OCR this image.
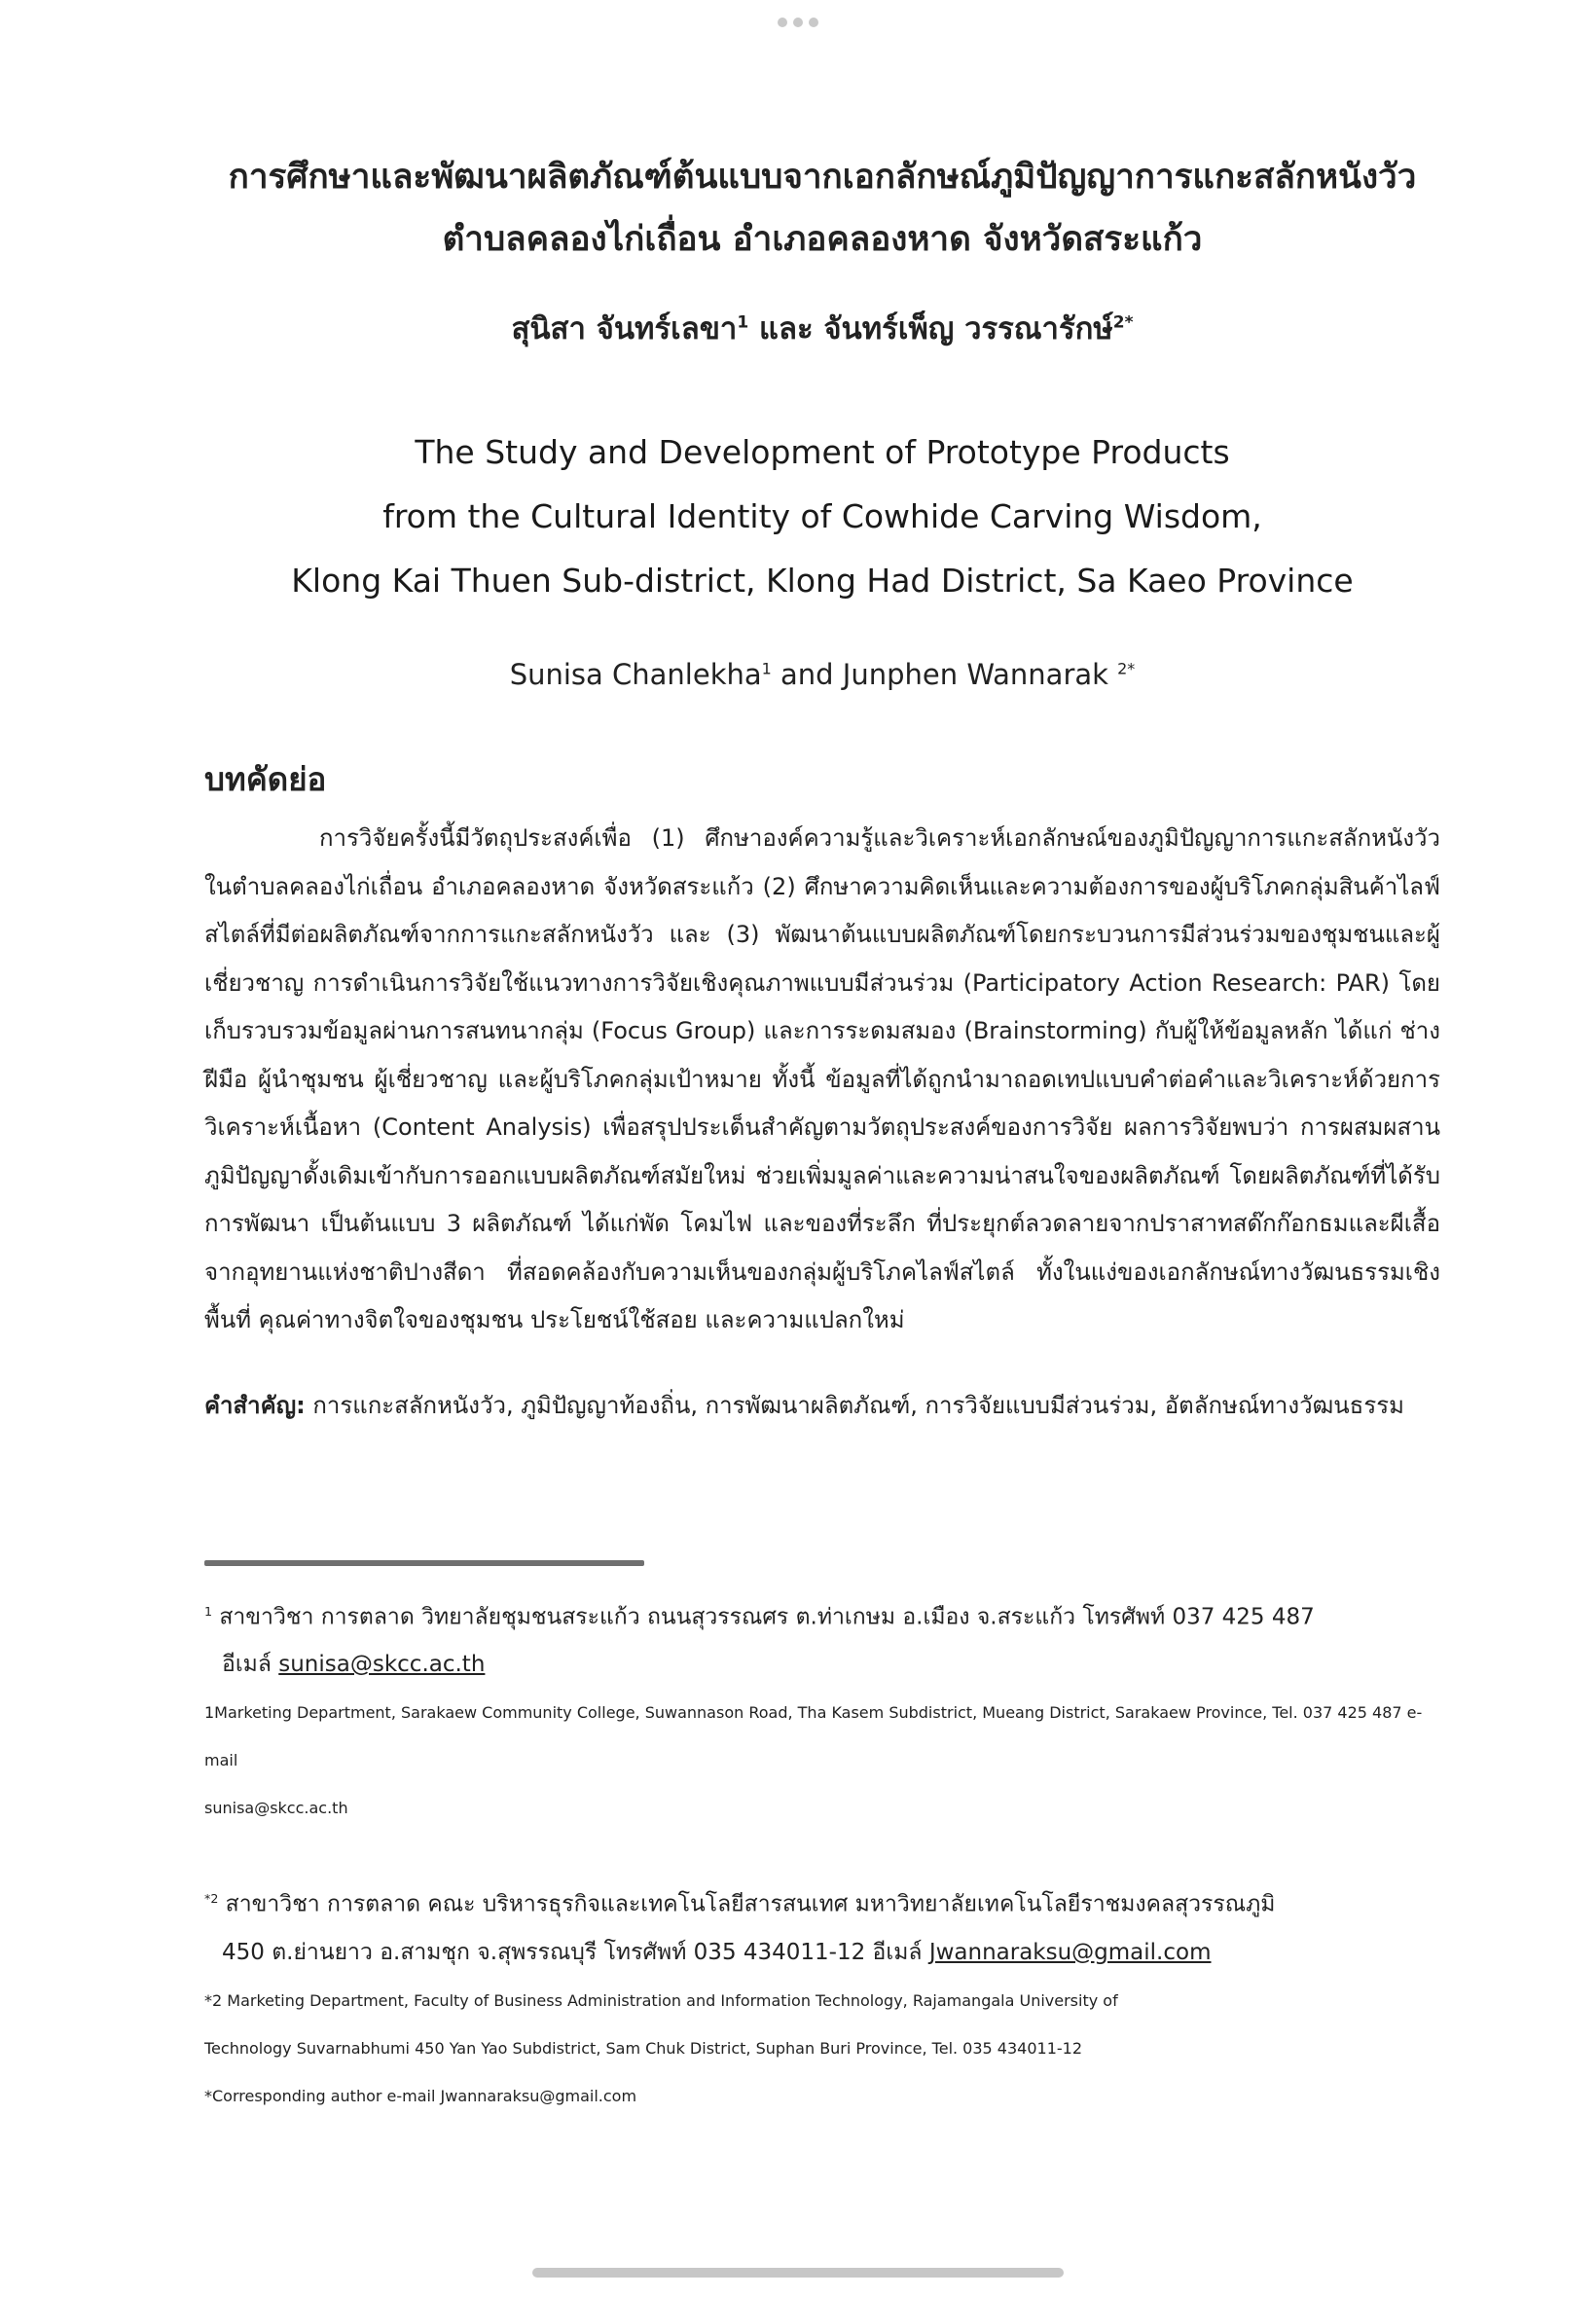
การศึกษาและพัฒนาผลิตภัณฑ์ต้นแบบจากเอกลักษณ์ภูมิปัญญาการแกะสลักหนังวัว

ตำบลคลองไก่เถื่อน อำเภอคลองหาด จังหวัดสระแก้ว

สุนิสา จันทร์เลขา$^1$ และ จันทร์เพ็ญ วรรณารักษ์$^{2*}$
The Study and Development of Prototype Products
from the Cultural Identity of Cowhide Carving Wisdom,
Klong Kai Thuen Sub-district, Klong Had District, Sa Kaeo Province
Sunisa Chanlekha$^1$ and Junphen Wannarak $^{2*}$
บทคัดย่อ
การวิจัยครั้งนี้มีวัตถุประสงค์เพื่อ (1) ศึกษาองค์ความรู้และวิเคราะห์เอกลักษณ์ของภูมิปัญญาการแกะสลักหนังวัวในตำบลคลองไก่เถื่อน อำเภอคลองหาด จังหวัดสระแก้ว (2) ศึกษาความคิดเห็นและความต้องการของผู้บริโภคกลุ่มสินค้าไลฟ์สไตล์ที่มีต่อผลิตภัณฑ์จากการแกะสลักหนังวัว และ (3) พัฒนาต้นแบบผลิตภัณฑ์โดยกระบวนการมีส่วนร่วมของชุมชนและผู้เชี่ยวชาญ การดำเนินการวิจัยใช้แนวทางการวิจัยเชิงคุณภาพแบบมีส่วนร่วม (Participatory Action Research: PAR) โดยเก็บรวบรวมข้อมูลผ่านการสนทนากลุ่ม (Focus Group) และการระดมสมอง (Brainstorming) กับผู้ให้ข้อมูลหลัก ได้แก่ ช่างฝีมือ ผู้นำชุมชน ผู้เชี่ยวชาญ และผู้บริโภคกลุ่มเป้าหมาย ทั้งนี้ ข้อมูลที่ได้ถูกนำมาถอดเทปแบบคำต่อคำและวิเคราะห์ด้วยการวิเคราะห์เนื้อหา (Content Analysis) เพื่อสรุปประเด็นสำคัญตามวัตถุประสงค์ของการวิจัย ผลการวิจัยพบว่า การผสมผสานภูมิปัญญาดั้งเดิมเข้ากับการออกแบบผลิตภัณฑ์สมัยใหม่ ช่วยเพิ่มมูลค่าและความน่าสนใจของผลิตภัณฑ์ โดยผลิตภัณฑ์ที่ได้รับการพัฒนา เป็นต้นแบบ 3 ผลิตภัณฑ์ ได้แก่พัด โคมไฟ และของที่ระลึก ที่ประยุกต์ลวดลายจากปราสาทสด๊กก๊อกธมและผีเสื้อจากอุทยานแห่งชาติปางสีดา ที่สอดคล้องกับความเห็นของกลุ่มผู้บริโภคไลฟ์สไตล์ ทั้งในแง่ของเอกลักษณ์ทางวัฒนธรรมเชิงพื้นที่ คุณค่าทางจิตใจของชุมชน ประโยชน์ใช้สอย และความแปลกใหม่
คำสำคัญ: การแกะสลักหนังวัว, ภูมิปัญญาท้องถิ่น, การพัฒนาผลิตภัณฑ์, การวิจัยแบบมีส่วนร่วม, อัตลักษณ์ทางวัฒนธรรม
$^1$ สาขาวิชา การตลาด วิทยาลัยชุมชนสระแก้ว ถนนสุวรรณศร ต.ท่าเกษม อ.เมือง จ.สระแก้ว โทรศัพท์ 037 425 487
อีเมล์ sunisa@skcc.ac.th
1Marketing Department, Sarakaew Community College, Suwannason Road, Tha Kasem Subdistrict, Mueang District, Sarakaew Province, Tel. 037 425 487 e-mail
sunisa@skcc.ac.th
$^{*2}$ สาขาวิชา การตลาด คณะ บริหารธุรกิจและเทคโนโลยีสารสนเทศ มหาวิทยาลัยเทคโนโลยีราชมงคลสุวรรณภูมิ
450 ต.ย่านยาว อ.สามชุก จ.สุพรรณบุรี โทรศัพท์ 035 434011-12 อีเมล์ Jwannaraksu@gmail.com
*2 Marketing Department, Faculty of Business Administration and Information Technology, Rajamangala University of
Technology Suvarnabhumi 450 Yan Yao Subdistrict, Sam Chuk District, Suphan Buri Province, Tel. 035 434011-12
*Corresponding author e-mail Jwannaraksu@gmail.com
